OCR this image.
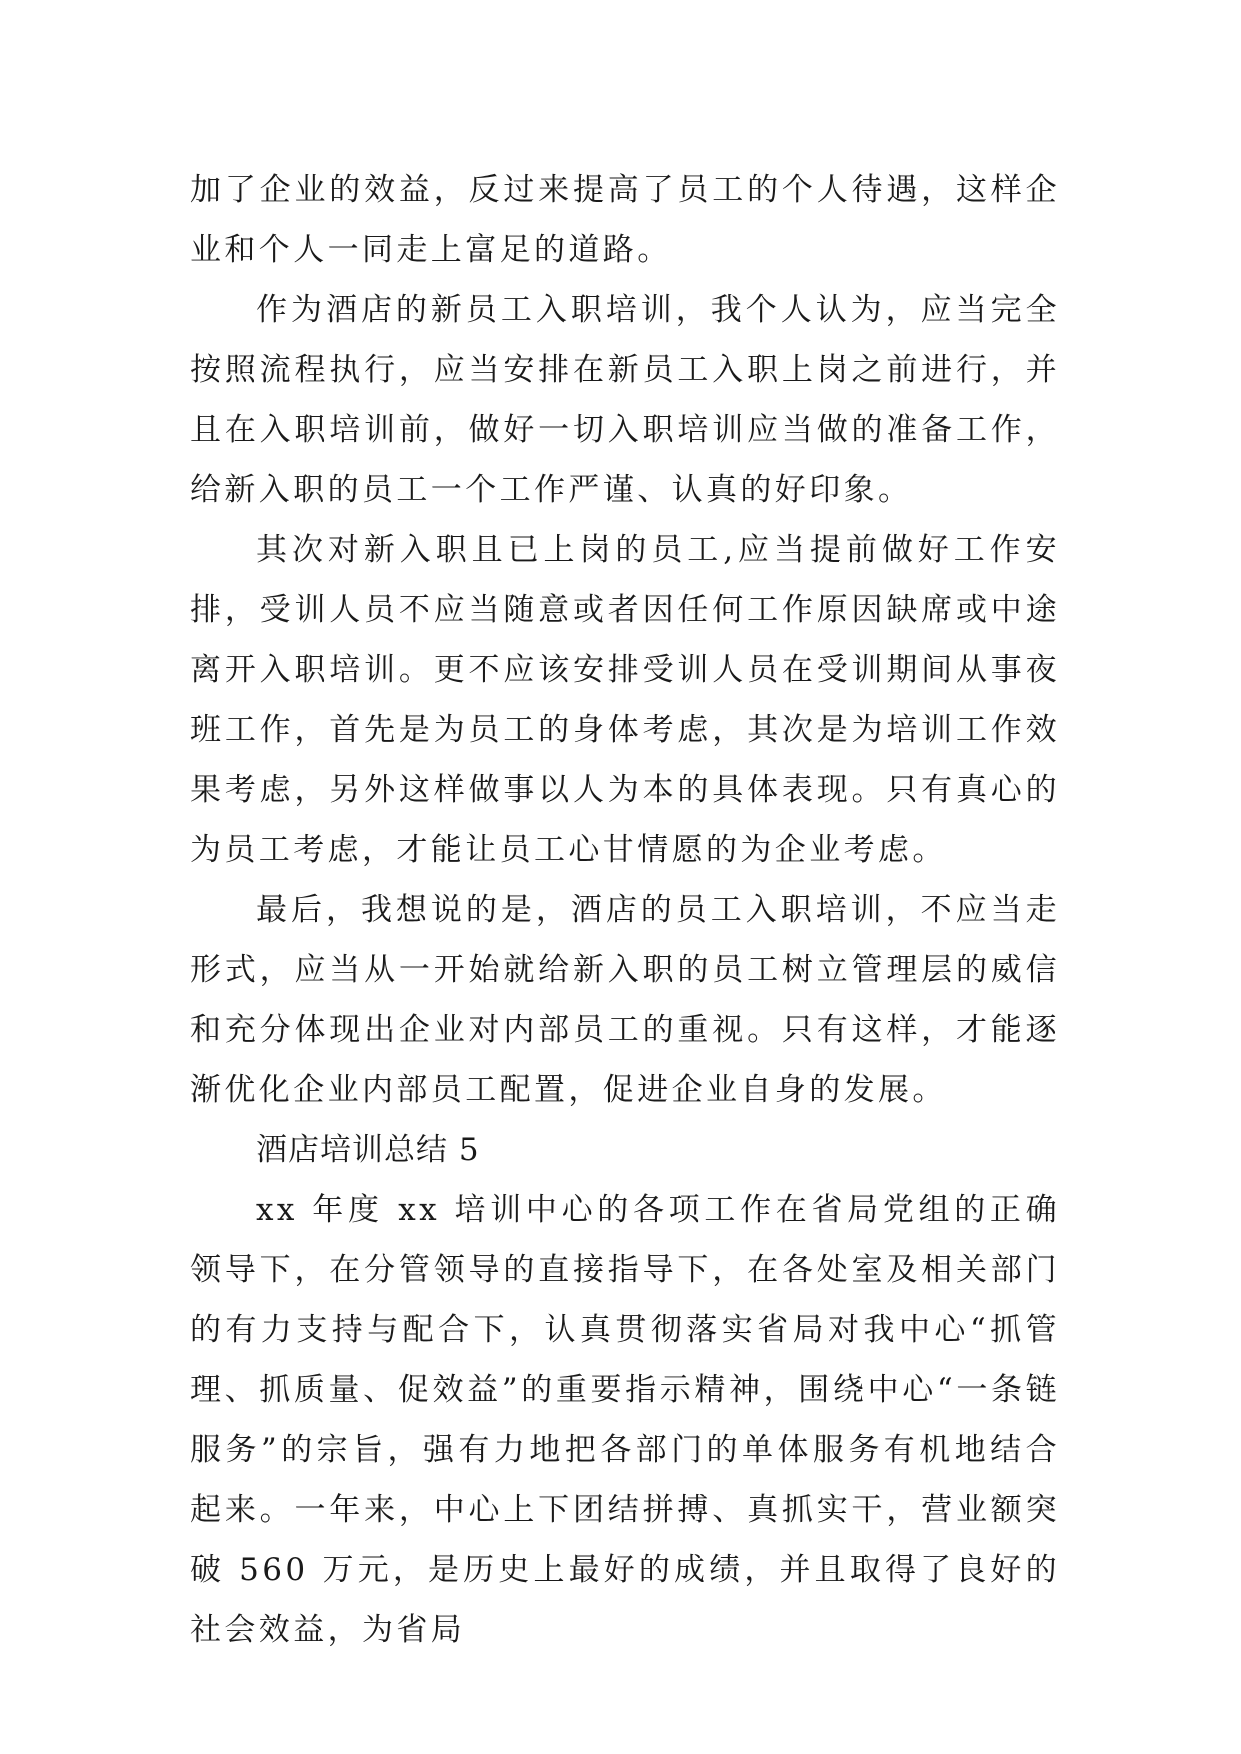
加了企业的效益，反过来提高了员工的个人待遇，这样企业和个人一同走上富足的道路。

作为酒店的新员工入职培训，我个人认为，应当完全按照流程执行，应当安排在新员工入职上岗之前进行，并且在入职培训前，做好一切入职培训应当做的准备工作，给新入职的员工一个工作严谨、认真的好印象。

其次对新入职且已上岗的员工,应当提前做好工作安排，受训人员不应当随意或者因任何工作原因缺席或中途离开入职培训。更不应该安排受训人员在受训期间从事夜班工作，首先是为员工的身体考虑，其次是为培训工作效果考虑，另外这样做事以人为本的具体表现。只有真心的为员工考虑，才能让员工心甘情愿的为企业考虑。

最后，我想说的是，酒店的员工入职培训，不应当走形式，应当从一开始就给新入职的员工树立管理层的威信和充分体现出企业对内部员工的重视。只有这样，才能逐渐优化企业内部员工配置，促进企业自身的发展。

酒店培训总结 5

xx 年度 xx 培训中心的各项工作在省局党组的正确领导下，在分管领导的直接指导下，在各处室及相关部门的有力支持与配合下，认真贯彻落实省局对我中心“抓管理、抓质量、促效益”的重要指示精神，围绕中心“一条链服务”的宗旨，强有力地把各部门的单体服务有机地结合起来。一年来，中心上下团结拼搏、真抓实干，营业额突破 560 万元，是历史上最好的成绩，并且取得了良好的社会效益，为省局
